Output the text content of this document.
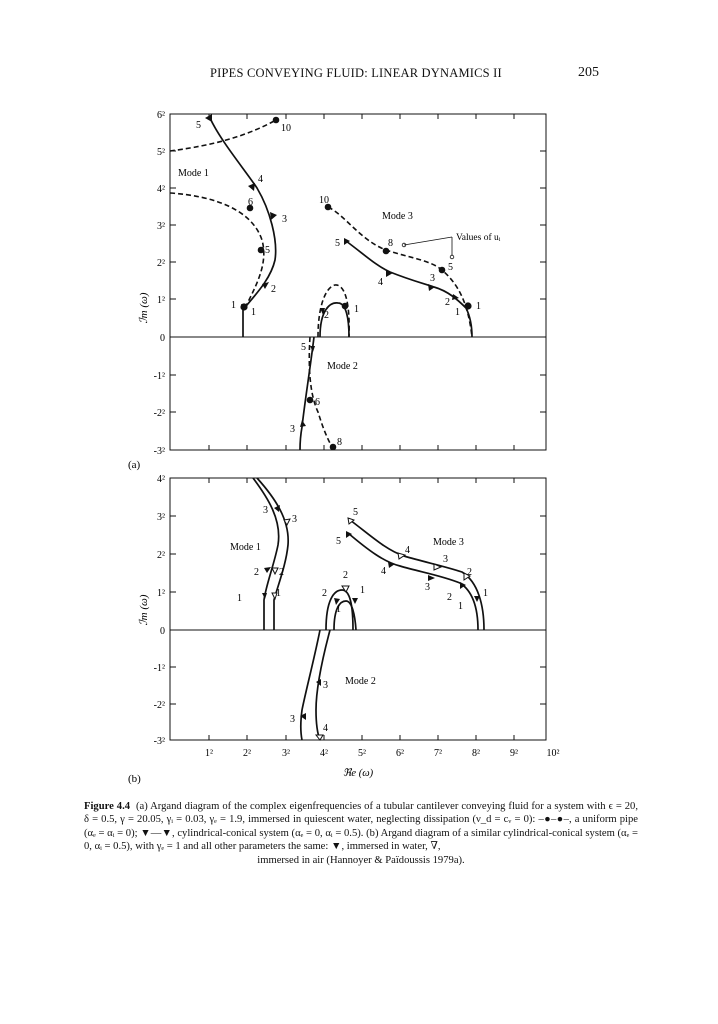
PIPES CONVEYING FLUID: LINEAR DYNAMICS II	205
6²
5²
4²
3²
2²
1²
0
-1²
-2²
-3²
ℐm (ω)
(a)
5	10
4
6
3
5
2
1
1
10
8
5
4	3
5
2
1
1
2
1
5
6
3
8
Mode 1
Mode 2
Mode 3
Values of uᵢ
4²
3²
2²
1²
0
-1²
-2²
-3²
1²	2²	3²	4²	5²	6²	7²	8²	9²	10²
ℜe (ω)
ℐm (ω)
(b)
3
3
2 2
1	1	2
2
1
1
3
3
4
5
5
4
4
3
3
2
2	1
1
Mode 1
Mode 2
Mode 3
Figure 4.4 (a) Argand diagram of the complex eigenfrequencies of a tubular cantilever conveying fluid for a system with ϵ = 20, δ = 0.5, γ = 20.05, γᵢ = 0.03, γₑ = 1.9, immersed in quiescent water, neglecting dissipation (ν_d = cᵥ = 0): –●–●–, a uniform pipe (αₑ = αᵢ = 0); ▼—▼, cylindrical-conical system (αₑ = 0, αᵢ = 0.5). (b) Argand diagram of a similar cylindrical-conical system (αₑ = 0, αᵢ = 0.5), with γₑ = 1 and all other parameters the same: ▼, immersed in water, ∇,
immersed in air (Hannoyer & Païdoussis 1979a).
